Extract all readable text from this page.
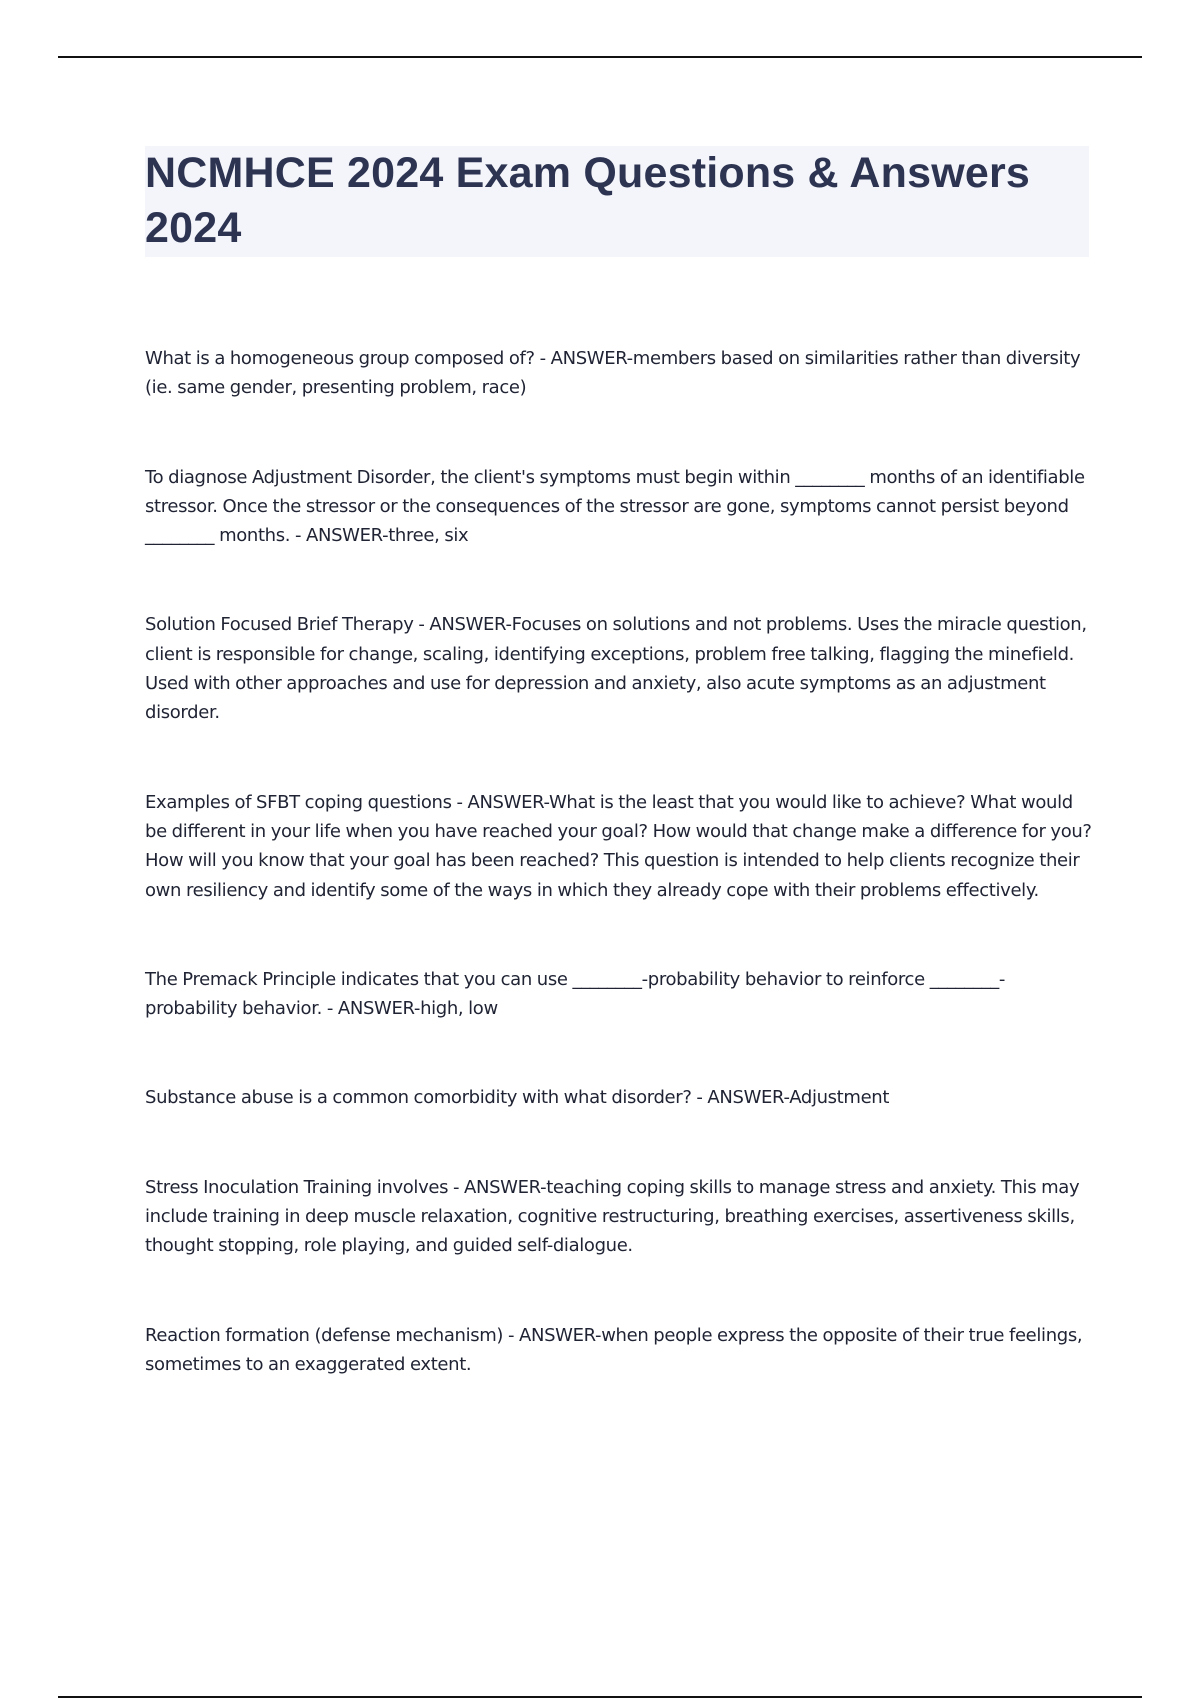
NCMHCE 2024 Exam Questions & Answers 2024
What is a homogeneous group composed of? - ANSWER-members based on similarities rather than diversity (ie. same gender, presenting problem, race)
To diagnose Adjustment Disorder, the client's symptoms must begin within ________ months of an identifiable stressor. Once the stressor or the consequences of the stressor are gone, symptoms cannot persist beyond ________ months. - ANSWER-three, six
Solution Focused Brief Therapy - ANSWER-Focuses on solutions and not problems. Uses the miracle question, client is responsible for change, scaling, identifying exceptions, problem free talking, flagging the minefield. Used with other approaches and use for depression and anxiety, also acute symptoms as an adjustment disorder.
Examples of SFBT coping questions - ANSWER-What is the least that you would like to achieve? What would be different in your life when you have reached your goal? How would that change make a difference for you? How will you know that your goal has been reached? This question is intended to help clients recognize their own resiliency and identify some of the ways in which they already cope with their problems effectively.
The Premack Principle indicates that you can use ________-probability behavior to reinforce ________-probability behavior. - ANSWER-high, low
Substance abuse is a common comorbidity with what disorder? - ANSWER-Adjustment
Stress Inoculation Training involves - ANSWER-teaching coping skills to manage stress and anxiety. This may include training in deep muscle relaxation, cognitive restructuring, breathing exercises, assertiveness skills, thought stopping, role playing, and guided self-dialogue.
Reaction formation (defense mechanism) - ANSWER-when people express the opposite of their true feelings, sometimes to an exaggerated extent.
